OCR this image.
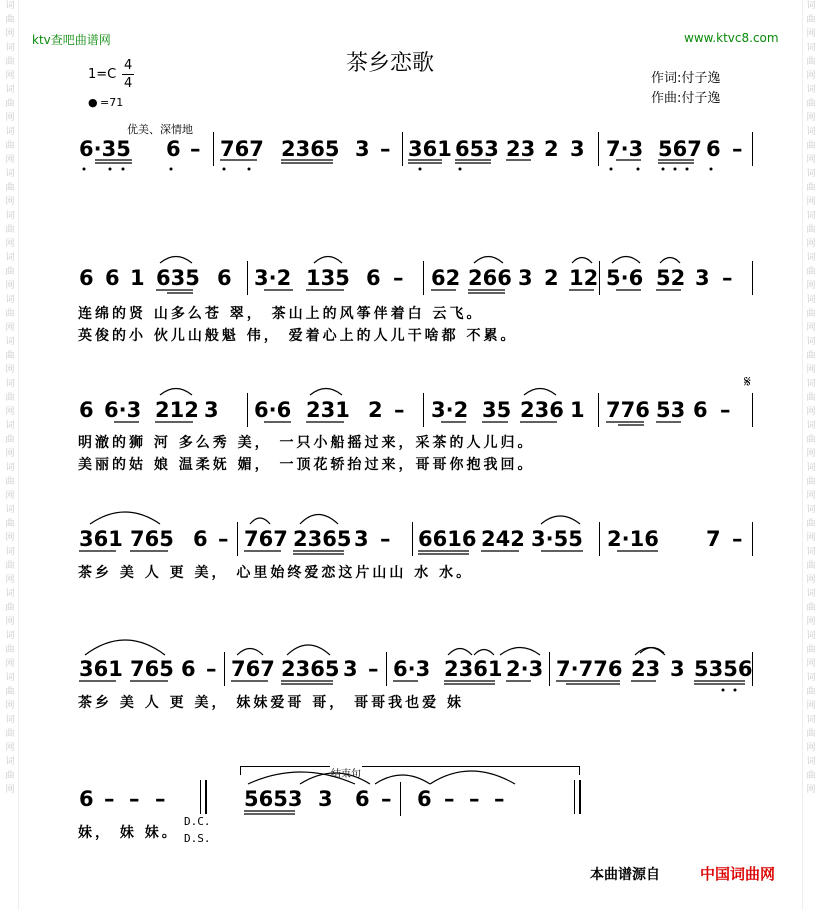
词
曲
网
词
曲
网
词
曲
网
词
曲
网
词
曲
网
词
曲
网
词
曲
网
词
曲
网
词
曲
网
词
曲
网
词
曲
网
词
曲
网
词
曲
网
词
曲
网
词
曲
网
词
曲
网
词
曲
网
词
曲
网
词
曲
网
词
曲
网
词
曲
网
词
曲
网
词
曲
网
词
曲
网
词
曲
网
词
曲
网
词
曲
网
词
曲
网
词
曲
网
词
曲
网
词
曲
网
词
曲
网
词
曲
网
词
曲
网
词
曲
网
词
曲
网
词
曲
网
词
曲
网
ktv查吧曲谱网	www.ktvc8.com
茶乡恋歌
1=C
4
4
● =71
作词:付子逸
作曲:付子逸
优美、深情地
6·35 6 – 767 2365 3 – 361 653 23 2 3 7·3 567 6 –
6 6 1 635 6 3·2 135 6 – 62 266 3 2 12 5·6 52 3 –
连绵的贤 山多么苍 翠， 茶山上的风筝伴着白 云飞。
英俊的小 伙儿山般魁 伟， 爱着心上的人儿干啥都 不累。
6 6·3 212 3 6·6 231 2 – 3·2 35 236 1 776 53 6 –
𝄋
明澈的狮 河 多么秀 美， 一只小船摇过来，采茶的人儿归。
美丽的姑 娘 温柔妩 媚， 一顶花轿抬过来，哥哥你抱我回。
361 765 6 – 767 2365 3 – 6616 242 3·55 2·16 7 –
茶乡 美 人 更 美， 心里始终爱恋这片山山 水 水。
361 765 6 – 767 2365 3 – 6·3 2361 2·3 7·776 23 3 5356
茶乡 美 人 更 美， 妹妹爱哥 哥， 哥哥我也爱 妹
6 – – –
D.C.
D.S.
结束句
5653 3 6 – 6 – – –
妹， 妹 妹。
本曲谱源自	中国词曲网
